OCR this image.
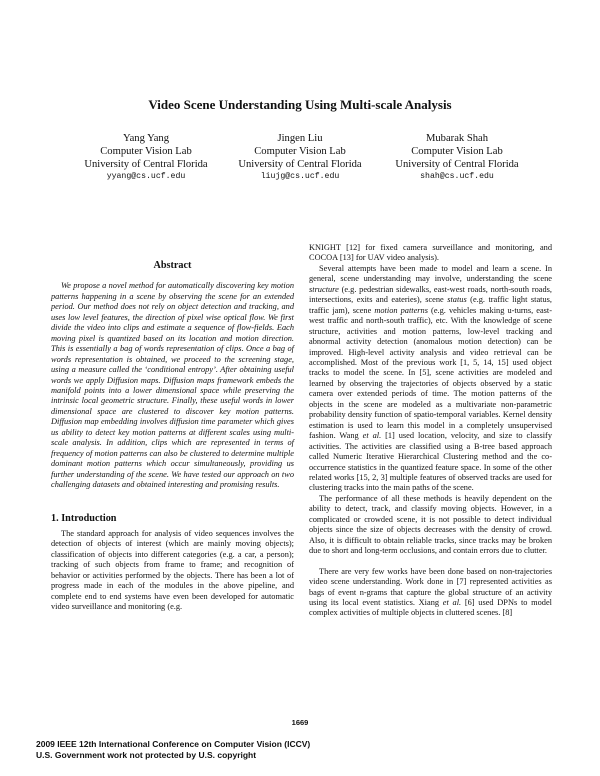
Video Scene Understanding Using Multi-scale Analysis
Yang Yang
Computer Vision Lab
University of Central Florida
yyang@cs.ucf.edu
Jingen Liu
Computer Vision Lab
University of Central Florida
liujg@cs.ucf.edu
Mubarak Shah
Computer Vision Lab
University of Central Florida
shah@cs.ucf.edu
Abstract

We propose a novel method for automatically discovering key motion patterns happening in a scene by observing the scene for an extended period. Our method does not rely on object detection and tracking, and uses low level features, the direction of pixel wise optical flow. We first divide the video into clips and estimate a sequence of flow-fields. Each moving pixel is quantized based on its location and motion direction. This is essentially a bag of words representation of clips. Once a bag of words representation is obtained, we proceed to the screening stage, using a measure called the ‘conditional entropy’. After obtaining useful words we apply Diffusion maps. Diffusion maps framework embeds the manifold points into a lower dimensional space while preserving the intrinsic local geometric structure. Finally, these useful words in lower dimensional space are clustered to discover key motion patterns. Diffusion map embedding involves diffusion time parameter which gives us ability to detect key motion patterns at different scales using multi-scale analysis. In addition, clips which are represented in terms of frequency of motion patterns can also be clustered to determine multiple dominant motion patterns which occur simultaneously, providing us further understanding of the scene. We have tested our approach on two challenging datasets and obtained interesting and promising results.

1. Introduction

The standard approach for analysis of video sequences involves the detection of objects of interest (which are mainly moving objects); classification of objects into different categories (e.g. a car, a person); tracking of such objects from frame to frame; and recognition of behavior or activities performed by the objects. There has been a lot of progress made in each of the modules in the above pipeline, and complete end to end systems have even been developed for automatic video surveillance and monitoring (e.g.

KNIGHT [12] for fixed camera surveillance and monitoring, and COCOA [13] for UAV video analysis).

Several attempts have been made to model and learn a scene. In general, scene understanding may involve, understanding the scene structure (e.g. pedestrian sidewalks, east-west roads, north-south roads, intersections, exits and eateries), scene status (e.g. traffic light status, traffic jam), scene motion patterns (e.g. vehicles making u-turns, east-west traffic and north-south traffic), etc. With the knowledge of scene structure, activities and motion patterns, low-level tracking and abnormal activity detection (anomalous motion detection) can be improved. High-level activity analysis and video retrieval can be accomplished. Most of the previous work [1, 5, 14, 15] used object tracks to model the scene. In [5], scene activities are modeled and learned by observing the trajectories of objects observed by a static camera over extended periods of time. The motion patterns of the objects in the scene are modeled as a multivariate non-parametric probability density function of spatio-temporal variables. Kernel density estimation is used to learn this model in a completely unsupervised fashion. Wang et al. [1] used location, velocity, and size to classify activities. The activities are classified using a B-tree based approach called Numeric Iterative Hierarchical Clustering method and the co-occurrence statistics in the quantized feature space. In some of the other related works [15, 2, 3] multiple features of observed tracks are used for clustering tracks into the main paths of the scene.

The performance of all these methods is heavily dependent on the ability to detect, track, and classify moving objects. However, in a complicated or crowded scene, it is not possible to detect individual objects since the size of objects decreases with the density of crowd. Also, it is difficult to obtain reliable tracks, since tracks may be broken due to short and long-term occlusions, and contain errors due to clutter.

There are very few works have been done based on non-trajectories video scene understanding. Work done in [7] represented activities as bags of event n-grams that capture the global structure of an activity using its local event statistics. Xiang et al. [6] used DPNs to model complex activities of multiple objects in cluttered scenes. [8]

1669
2009 IEEE 12th International Conference on Computer Vision (ICCV)
U.S. Government work not protected by U.S. copyright
